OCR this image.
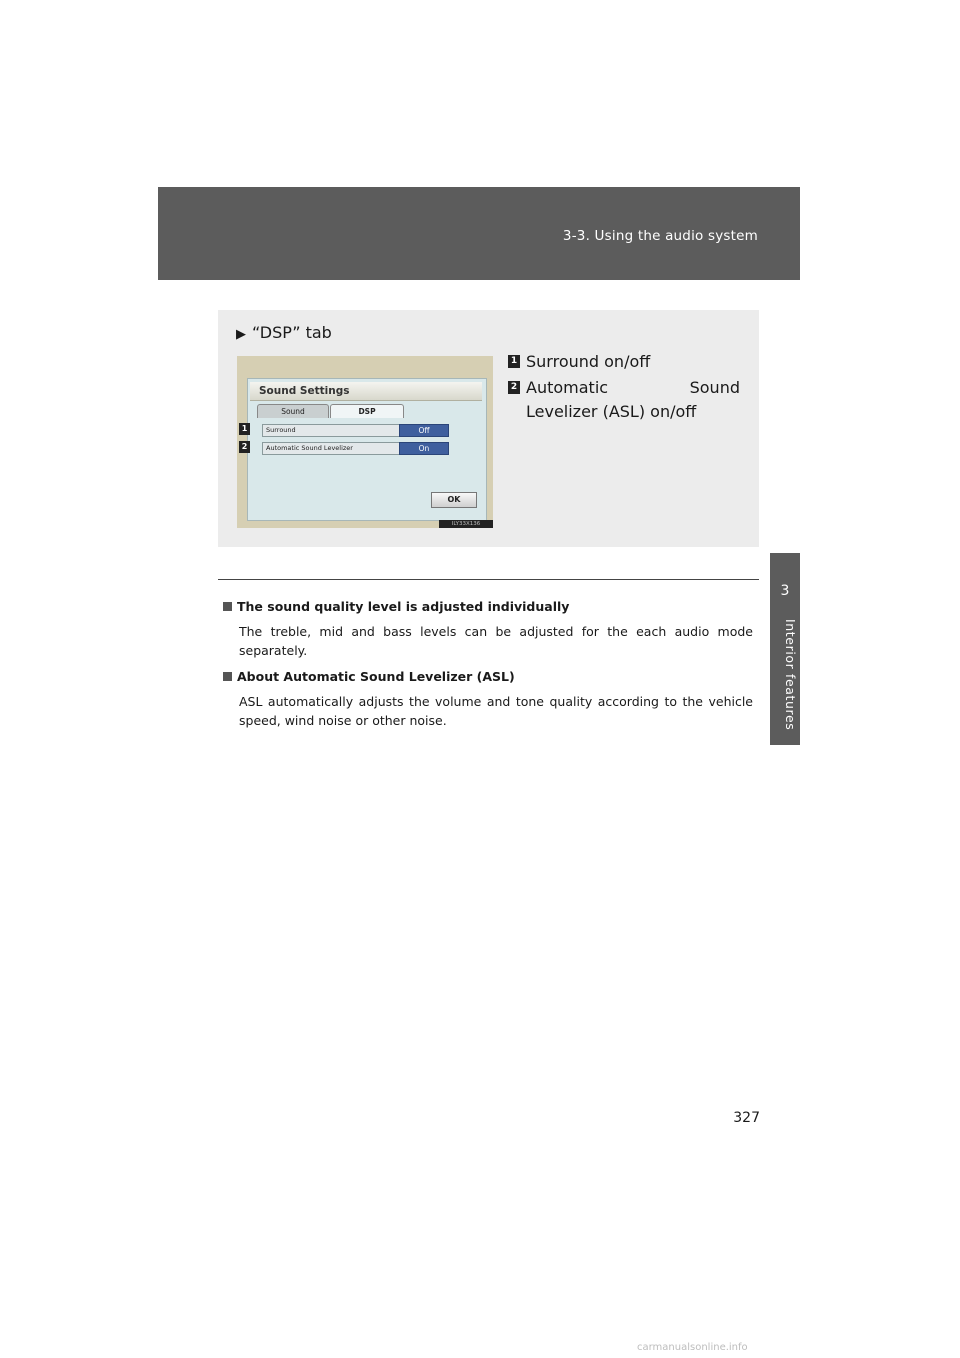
3-3. Using the audio system
3
Interior features
▶ “DSP” tab
1 Surround on/off
2 Automatic Sound Levelizer (ASL) on/off
Sound Settings
Sound	DSP
Surround	Off
Automatic Sound Levelizer	On
OK
ILY33X136
1
2
The sound quality level is adjusted individually
The treble, mid and bass levels can be adjusted for the each audio mode separately.
About Automatic Sound Levelizer (ASL)
ASL automatically adjusts the volume and tone quality according to the vehicle speed, wind noise or other noise.
327
carmanualsonline.info
